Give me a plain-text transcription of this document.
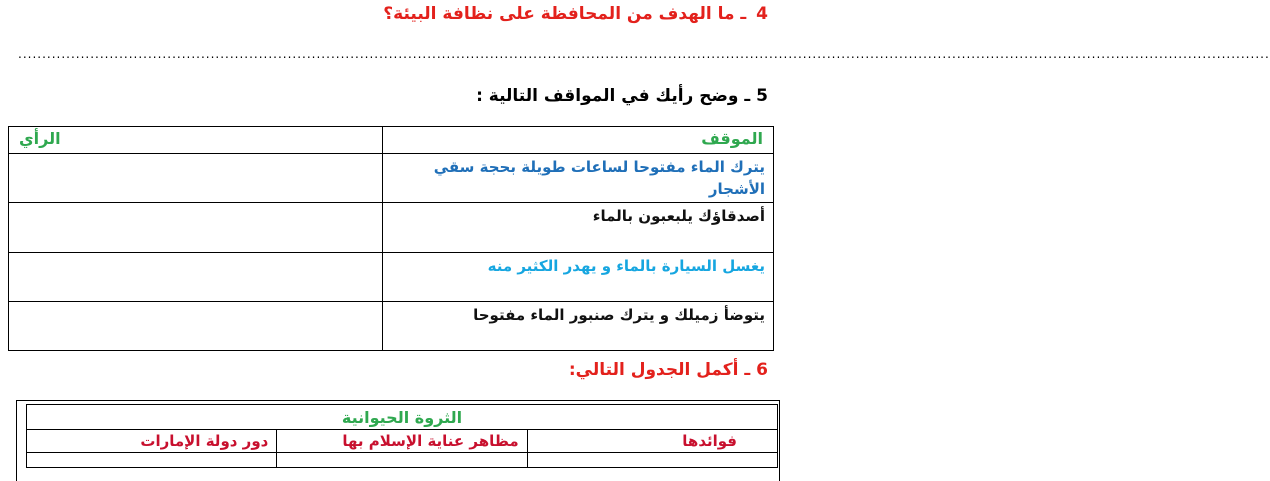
4 ـ ما الهدف من المحافظة على نظافة البيئة؟
....................................................................................................................................................................................................................................................................
5 ـ وضح رأيك في المواقف التالية :
الموقف	الرأي
يترك الماء مفتوحا لساعات طويلة بحجة سقي الأشجار	
أصدقاؤك يلبعبون بالماء	
يغسل السيارة بالماء و يهدر الكثير منه	
يتوضأ زميلك و يترك صنبور الماء مفتوحا	
6 ـ أكمل الجدول التالي:
الثروة الحيوانية		
فوائدها	مظاهر عناية الإسلام بها	دور دولة الإمارات
